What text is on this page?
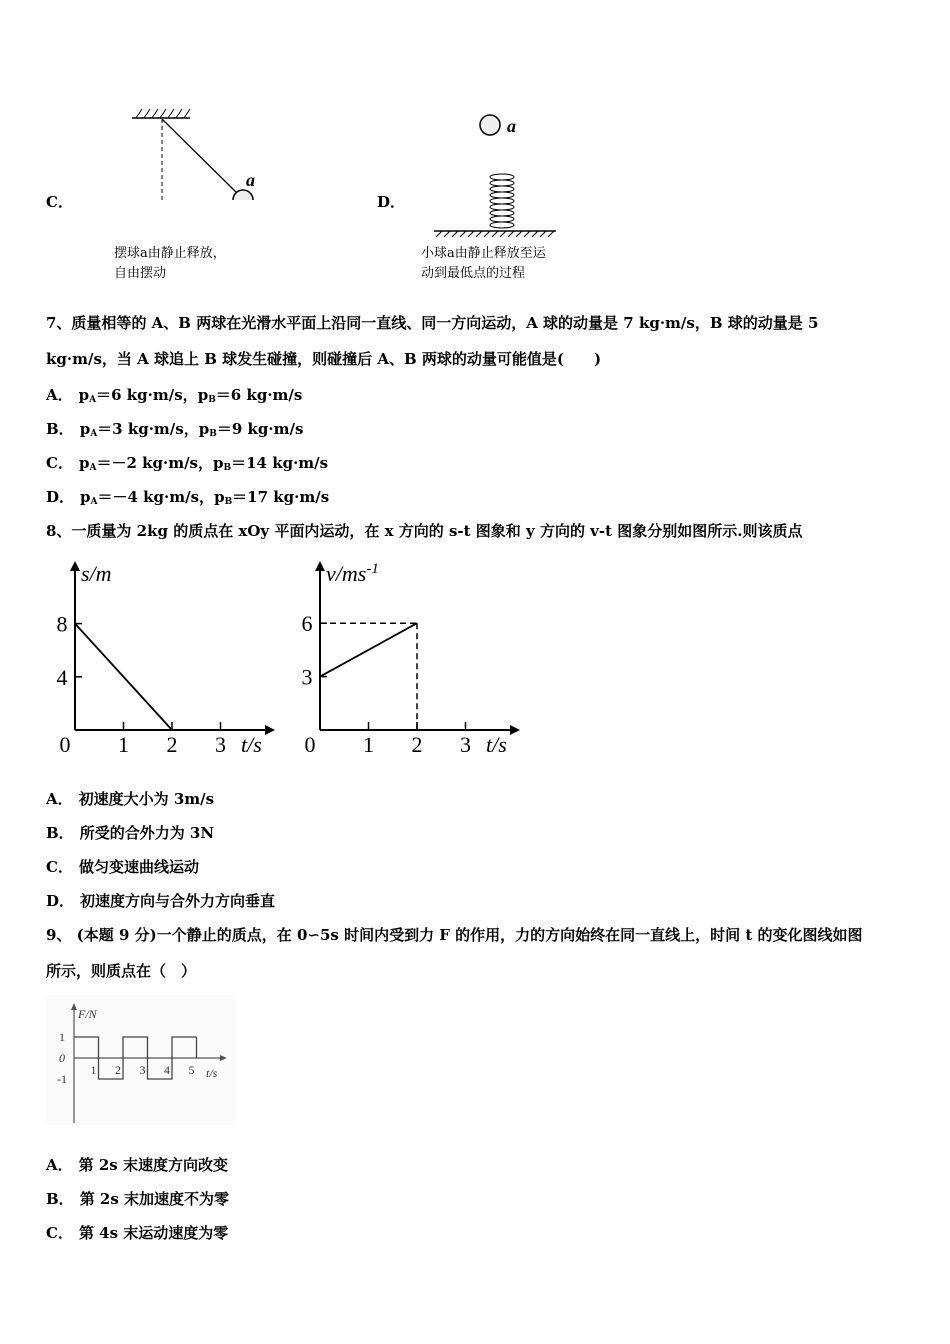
C．
a
摆球a由静止释放，
自由摆动
D．
a
小球a由静止释放至运
动到最低点的过程
7、质量相等的 A、B 两球在光滑水平面上沿同一直线、同一方向运动，A 球的动量是 7 kg·m/s，B 球的动量是 5
kg·m/s，当 A 球追上 B 球发生碰撞，则碰撞后 A、B 两球的动量可能值是(　　)
A． $p_A=6$ kg·m/s，$p_B=6$ kg·m/s
B． $p_A=3$ kg·m/s，$p_B=9$ kg·m/s
C． $p_A=-2$ kg·m/s，$p_B=14$ kg·m/s
D． $p_A=-4$ kg·m/s，$p_B=17$ kg·m/s
8、一质量为 2kg 的质点在 xOy 平面内运动，在 x 方向的 s-t 图象和 y 方向的 v-t 图象分别如图所示.则该质点
0 1 2 3
4
8
t/s
s/m
0 1 2 3
3
6
t/s
$v/ms^{-1}$
A． 初速度大小为 3m/s
B． 所受的合外力为 3N
C． 做匀变速曲线运动
D． 初速度方向与合外力方向垂直
9、 (本题 9 分)一个静止的质点，在 0∽5s 时间内受到力 F 的作用，力的方向始终在同一直线上，时间 t 的变化图线如图
所示，则质点在（　）
F/N
t/s
1
0
-1
1 2 3 4 5
A． 第 2s 末速度方向改变
B． 第 2s 末加速度不为零
C． 第 4s 末运动速度为零
